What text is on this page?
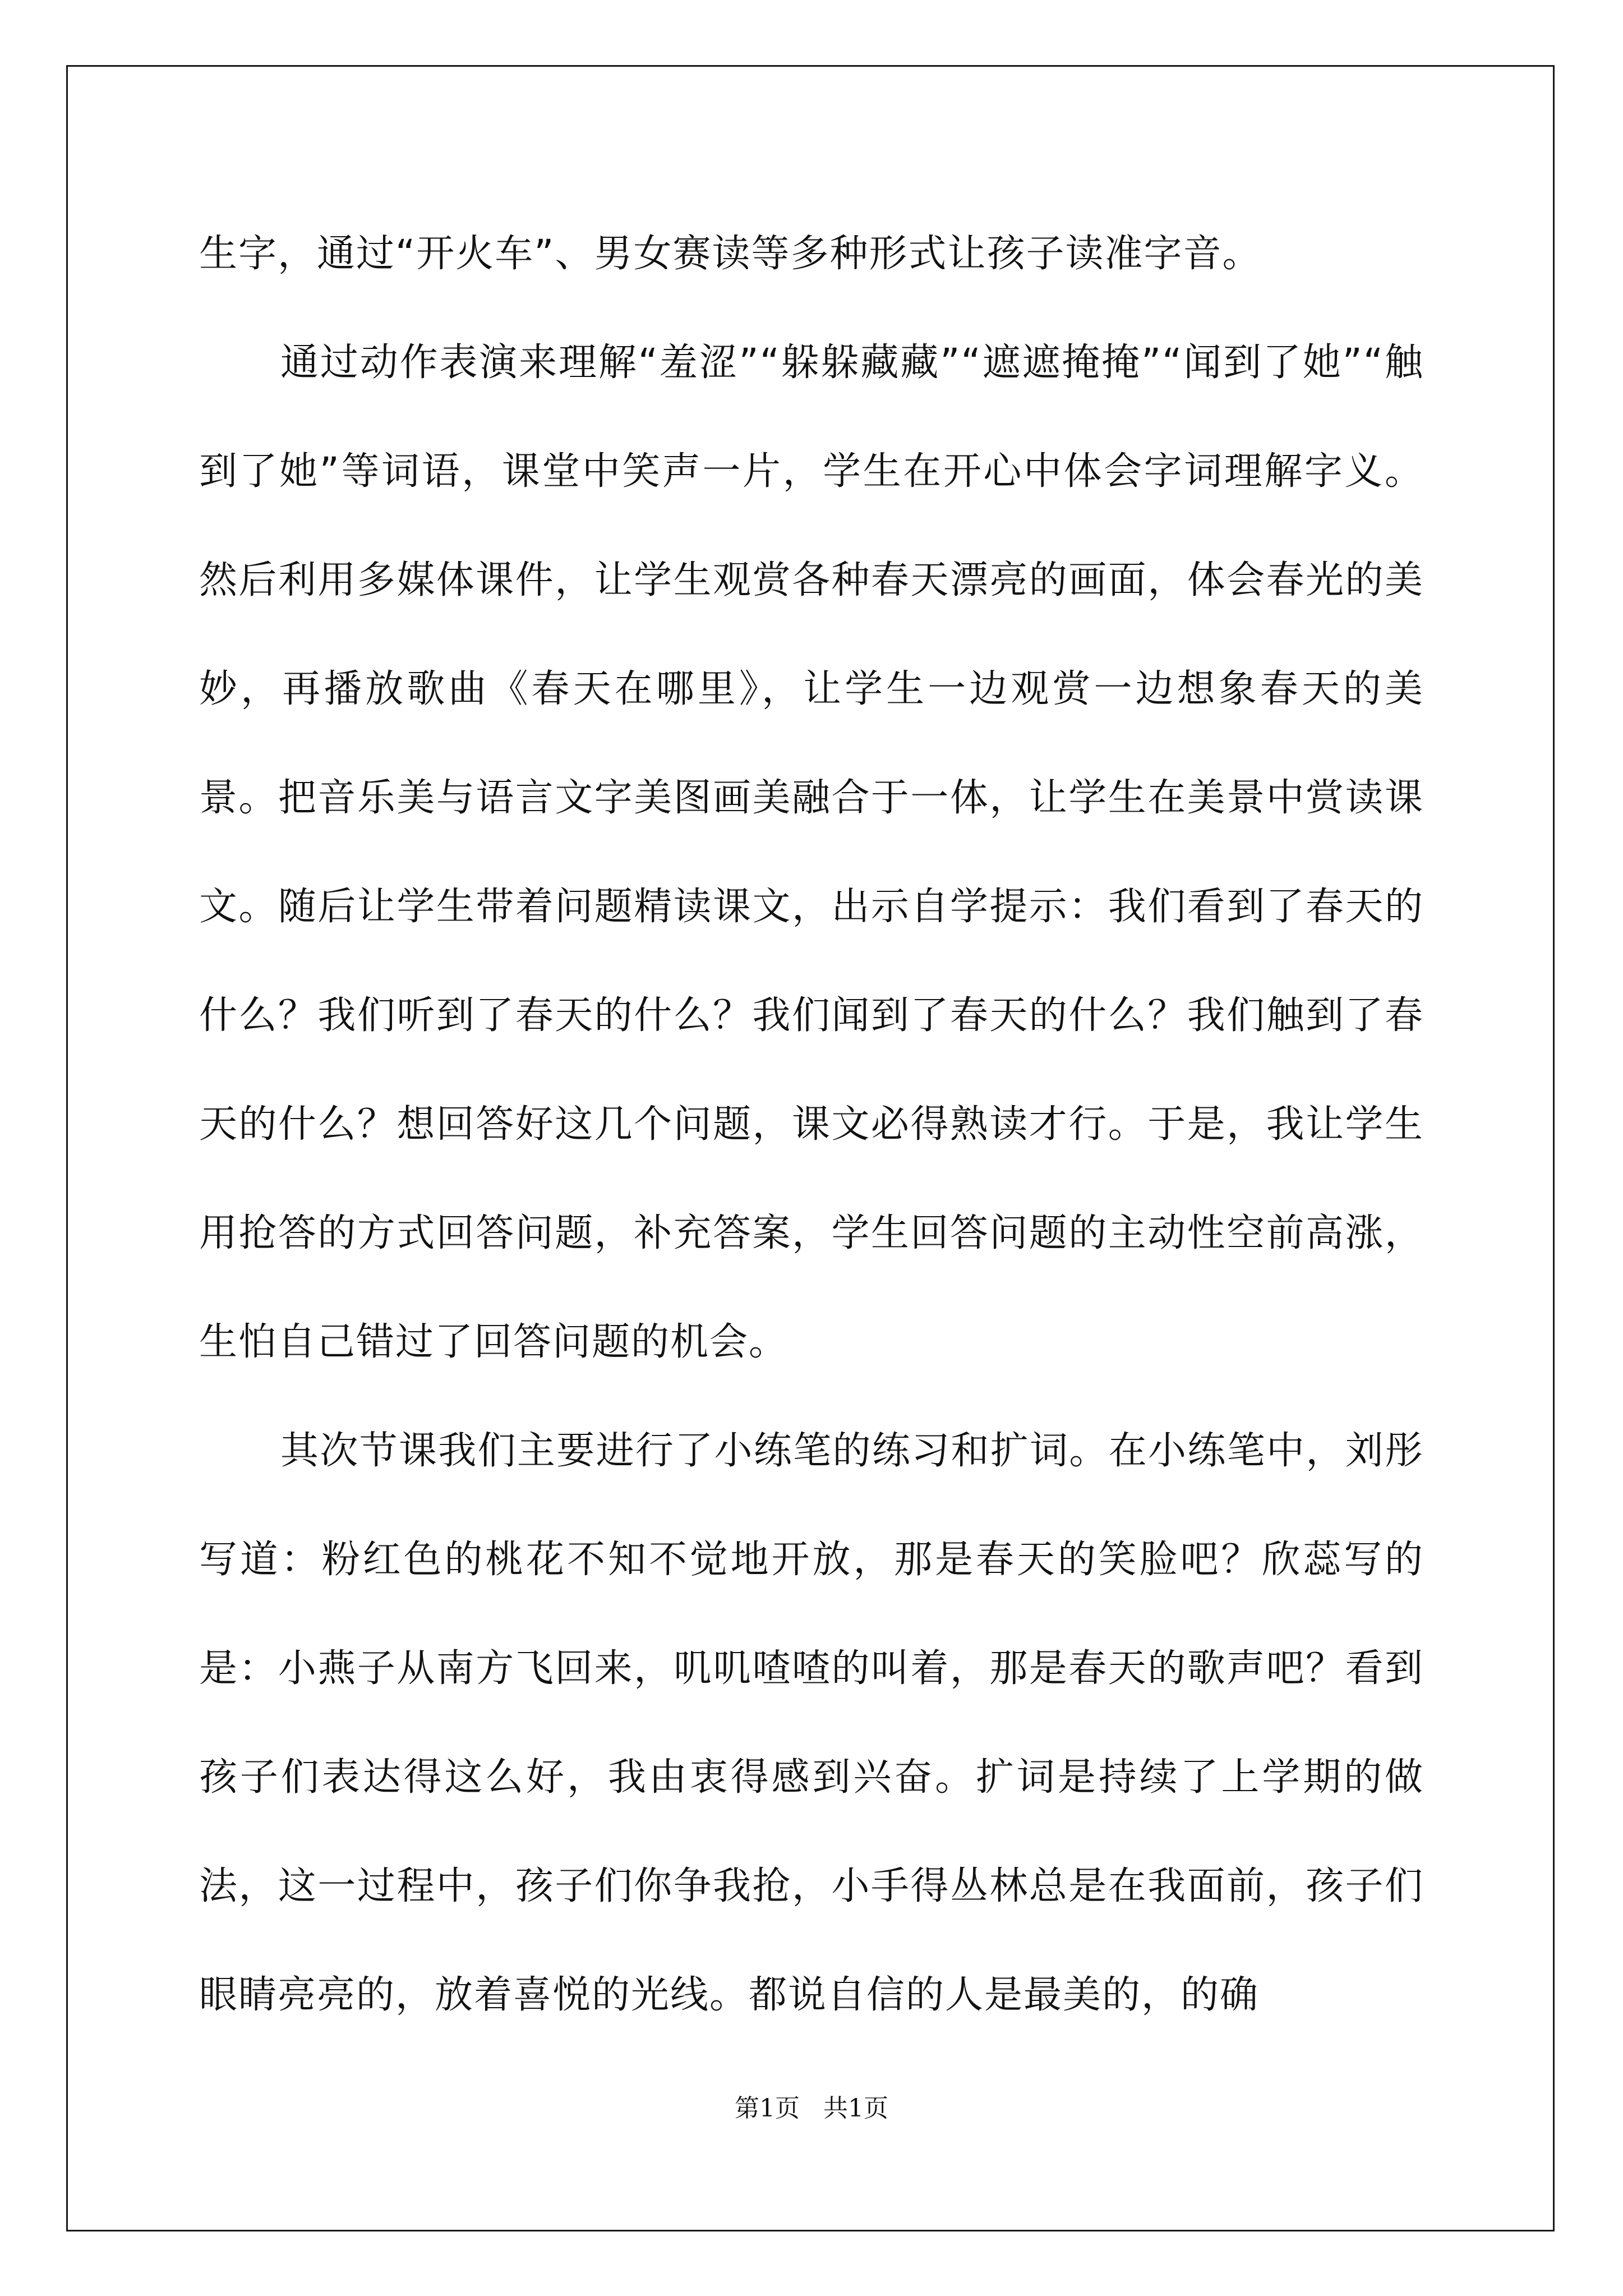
生字，通过“开火车”、男女赛读等多种形式让孩子读准字音。

通过动作表演来理解“羞涩”“躲躲藏藏”“遮遮掩掩”“闻到了她”“触到了她”等词语，课堂中笑声一片，学生在开心中体会字词理解字义。然后利用多媒体课件，让学生观赏各种春天漂亮的画面，体会春光的美妙，再播放歌曲《春天在哪里》，让学生一边观赏一边想象春天的美景。把音乐美与语言文字美图画美融合于一体，让学生在美景中赏读课文。随后让学生带着问题精读课文，出示自学提示：我们看到了春天的什么？我们听到了春天的什么？我们闻到了春天的什么？我们触到了春天的什么？想回答好这几个问题，课文必得熟读才行。于是，我让学生用抢答的方式回答问题，补充答案，学生回答问题的主动性空前高涨，生怕自己错过了回答问题的机会。

其次节课我们主要进行了小练笔的练习和扩词。在小练笔中，刘彤写道：粉红色的桃花不知不觉地开放，那是春天的笑脸吧？欣蕊写的是：小燕子从南方飞回来，叽叽喳喳的叫着，那是春天的歌声吧？看到孩子们表达得这么好，我由衷得感到兴奋。扩词是持续了上学期的做法，这一过程中，孩子们你争我抢，小手得丛林总是在我面前，孩子们眼睛亮亮的，放着喜悦的光线。都说自信的人是最美的，的确

第1页 共1页
